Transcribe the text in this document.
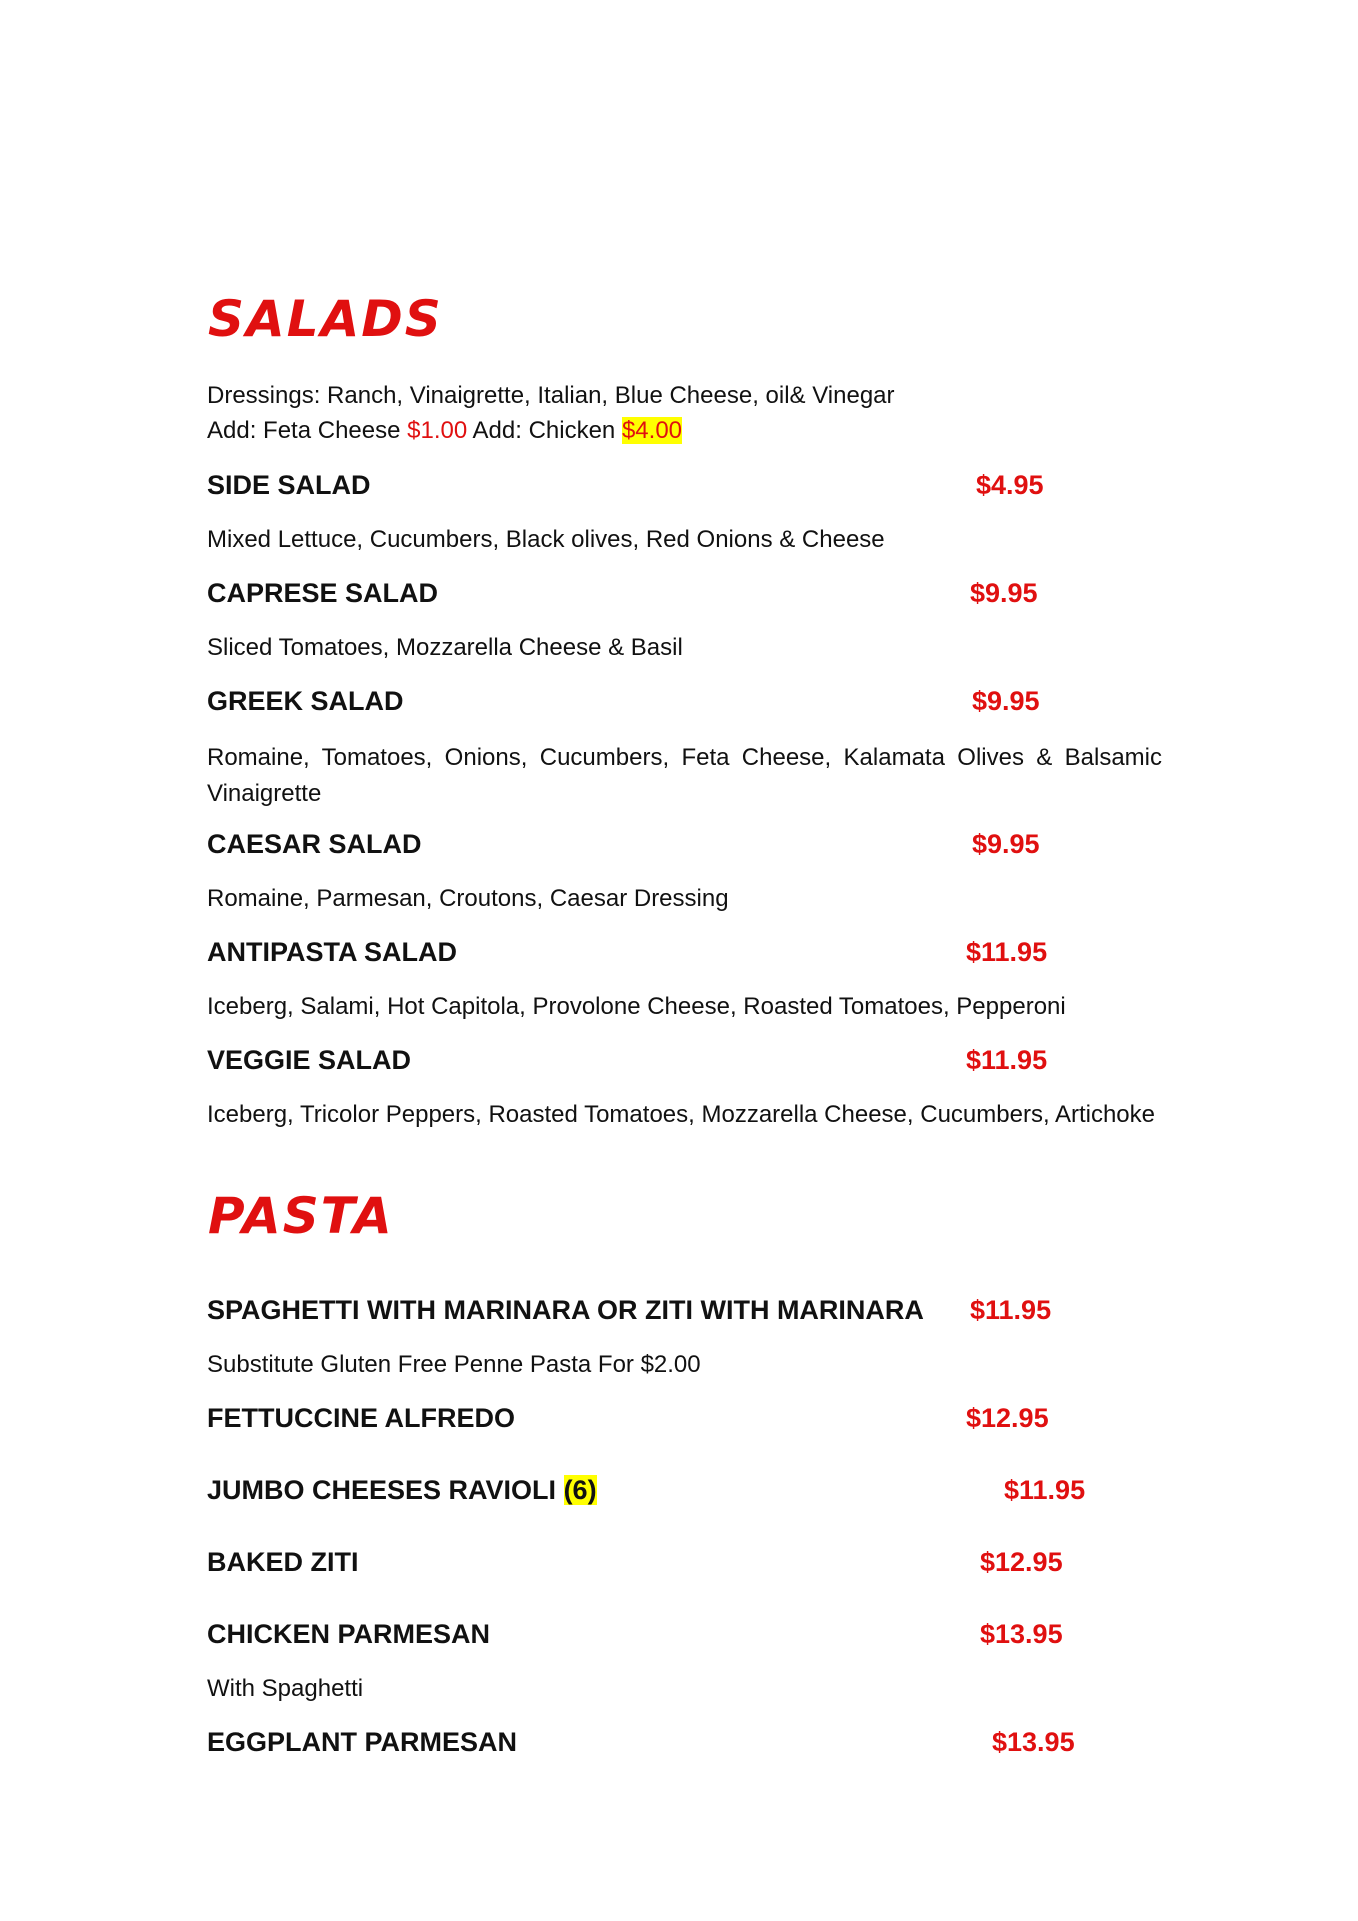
SALADS
Dressings: Ranch, Vinaigrette, Italian, Blue Cheese, oil& Vinegar
Add: Feta Cheese $1.00 Add: Chicken $4.00
SIDE SALAD	$4.95
Mixed Lettuce, Cucumbers, Black olives, Red Onions & Cheese
CAPRESE SALAD	$9.95
Sliced Tomatoes, Mozzarella Cheese & Basil
GREEK SALAD	$9.95
Romaine, Tomatoes, Onions, Cucumbers, Feta Cheese, Kalamata Olives & Balsamic Vinaigrette
CAESAR SALAD	$9.95
Romaine, Parmesan, Croutons, Caesar Dressing
ANTIPASTA SALAD	$11.95
Iceberg, Salami, Hot Capitola, Provolone Cheese, Roasted Tomatoes, Pepperoni
VEGGIE SALAD	$11.95
Iceberg, Tricolor Peppers, Roasted Tomatoes, Mozzarella Cheese, Cucumbers, Artichoke
PASTA
SPAGHETTI WITH MARINARA OR ZITI WITH MARINARA $11.95
Substitute Gluten Free Penne Pasta For $2.00
FETTUCCINE ALFREDO	$12.95
JUMBO CHEESES RAVIOLI (6)	$11.95
BAKED ZITI	$12.95
CHICKEN PARMESAN	$13.95
With Spaghetti
EGGPLANT PARMESAN	$13.95
